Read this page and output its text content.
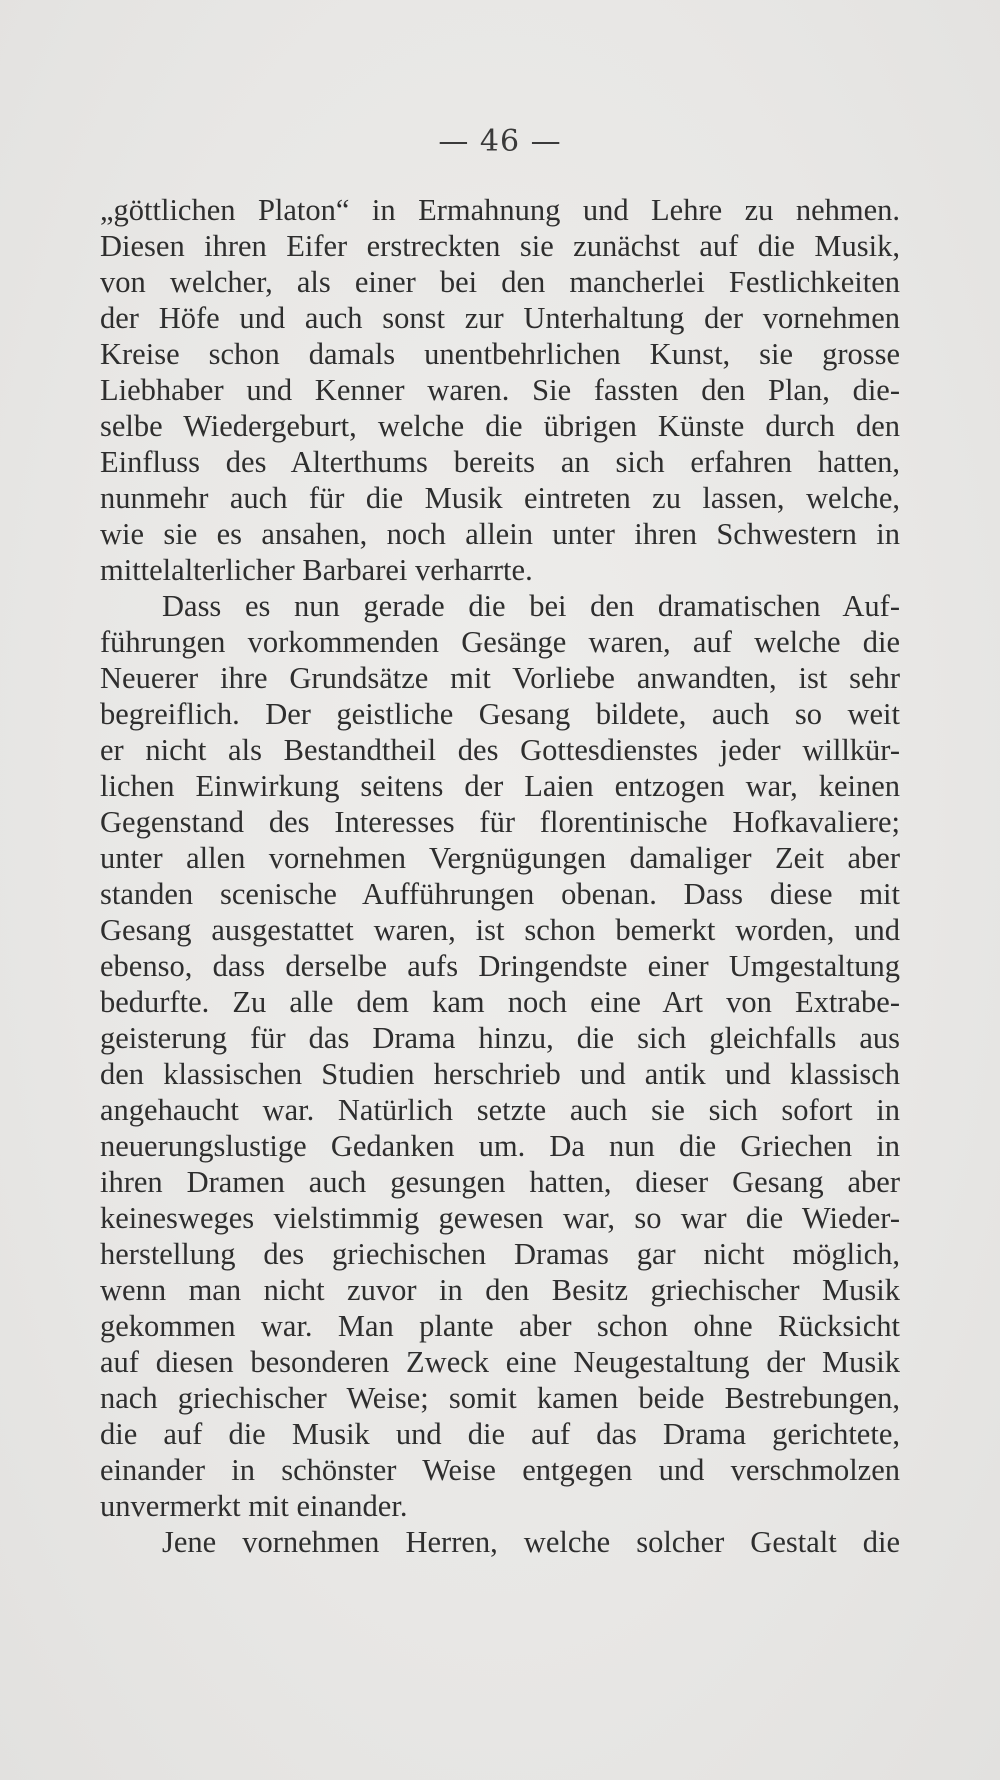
— 46 —
„göttlichen Platon“ in Ermahnung und Lehre zu nehmen.
Diesen ihren Eifer erstreckten sie zunächst auf die Musik,
von welcher, als einer bei den mancherlei Festlichkeiten
der Höfe und auch sonst zur Unterhaltung der vornehmen
Kreise schon damals unentbehrlichen Kunst, sie grosse
Liebhaber und Kenner waren. Sie fassten den Plan, die-
selbe Wiedergeburt, welche die übrigen Künste durch den
Einfluss des Alterthums bereits an sich erfahren hatten,
nunmehr auch für die Musik eintreten zu lassen, welche,
wie sie es ansahen, noch allein unter ihren Schwestern in
mittelalterlicher Barbarei verharrte.
Dass es nun gerade die bei den dramatischen Auf-
führungen vorkommenden Gesänge waren, auf welche die
Neuerer ihre Grundsätze mit Vorliebe anwandten, ist sehr
begreiflich. Der geistliche Gesang bildete, auch so weit
er nicht als Bestandtheil des Gottesdienstes jeder willkür-
lichen Einwirkung seitens der Laien entzogen war, keinen
Gegenstand des Interesses für florentinische Hofkavaliere;
unter allen vornehmen Vergnügungen damaliger Zeit aber
standen scenische Aufführungen obenan. Dass diese mit
Gesang ausgestattet waren, ist schon bemerkt worden, und
ebenso, dass derselbe aufs Dringendste einer Umgestaltung
bedurfte. Zu alle dem kam noch eine Art von Extrabe-
geisterung für das Drama hinzu, die sich gleichfalls aus
den klassischen Studien herschrieb und antik und klassisch
angehaucht war. Natürlich setzte auch sie sich sofort in
neuerungslustige Gedanken um. Da nun die Griechen in
ihren Dramen auch gesungen hatten, dieser Gesang aber
keinesweges vielstimmig gewesen war, so war die Wieder-
herstellung des griechischen Dramas gar nicht möglich,
wenn man nicht zuvor in den Besitz griechischer Musik
gekommen war. Man plante aber schon ohne Rücksicht
auf diesen besonderen Zweck eine Neugestaltung der Musik
nach griechischer Weise; somit kamen beide Bestrebungen,
die auf die Musik und die auf das Drama gerichtete,
einander in schönster Weise entgegen und verschmolzen
unvermerkt mit einander.
Jene vornehmen Herren, welche solcher Gestalt die
